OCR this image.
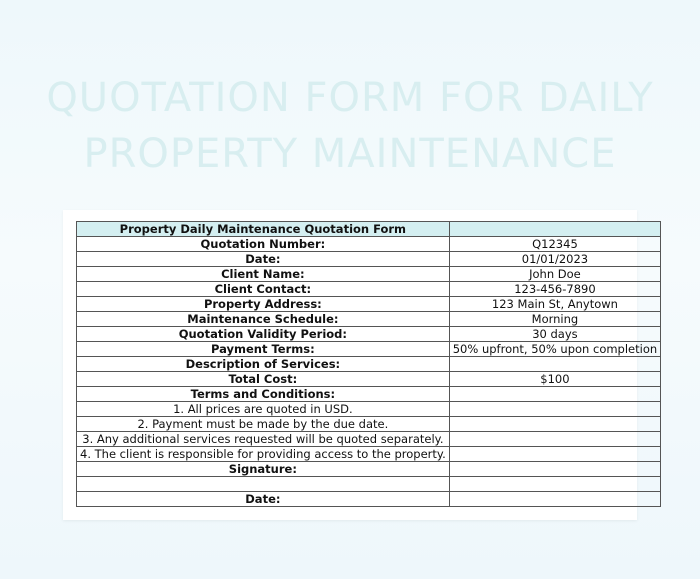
QUOTATION FORM FOR DAILY
PROPERTY MAINTENANCE
Property Daily Maintenance Quotation Form	
Quotation Number:	Q12345
Date:	01/01/2023
Client Name:	John Doe
Client Contact:	123-456-7890
Property Address:	123 Main St, Anytown
Maintenance Schedule:	Morning
Quotation Validity Period:	30 days
Payment Terms:	50% upfront, 50% upon completion
Description of Services:	
Total Cost:	$100
Terms and Conditions:	
1. All prices are quoted in USD.	
2. Payment must be made by the due date.	
3. Any additional services requested will be quoted separately.	
4. The client is responsible for providing access to the property.	
Signature:	

Date:	
